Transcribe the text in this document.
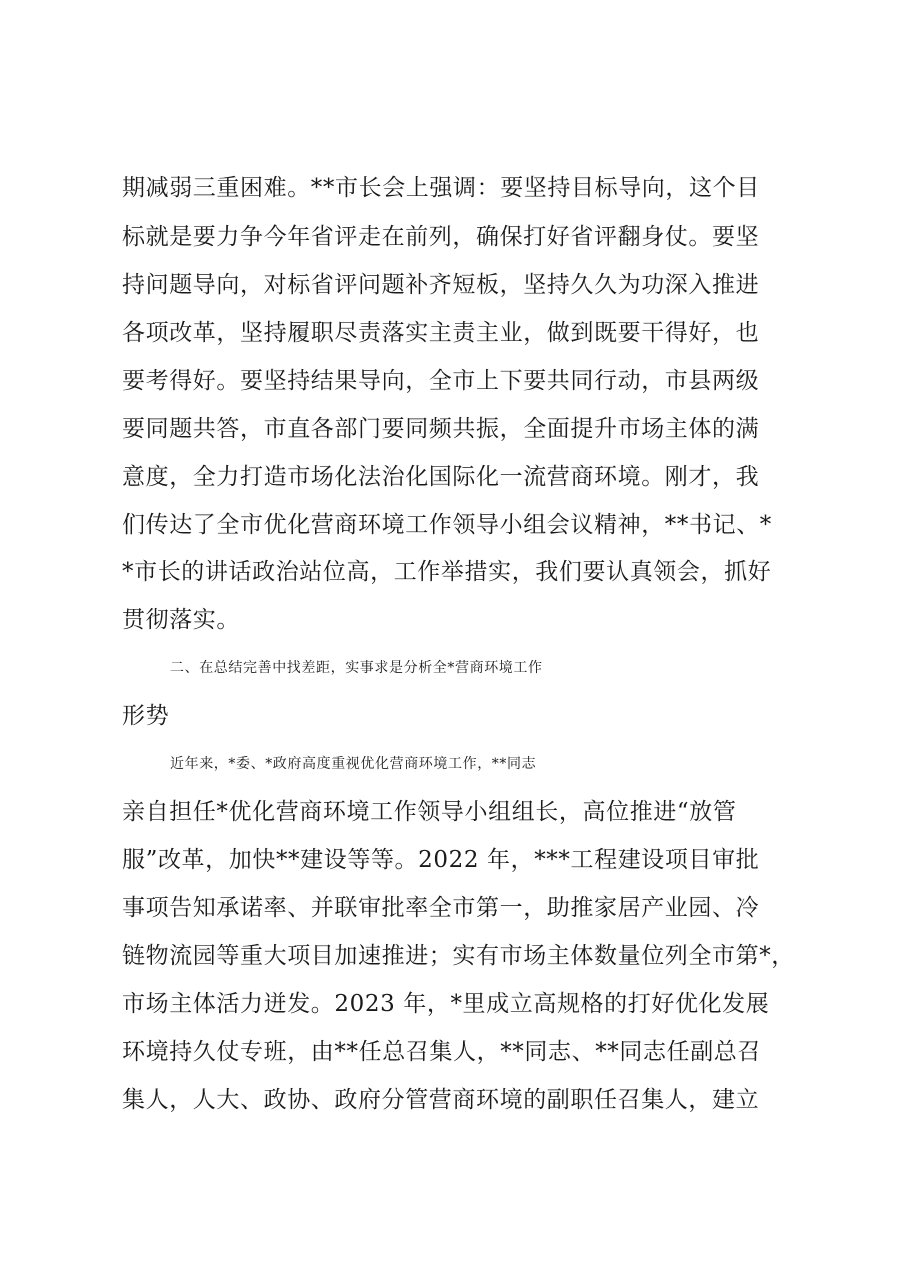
期减弱三重困难。**市长会上强调：要坚持目标导向，这个目
标就是要力争今年省评走在前列，确保打好省评翻身仗。要坚
持问题导向，对标省评问题补齐短板，坚持久久为功深入推进
各项改革，坚持履职尽责落实主责主业，做到既要干得好，也
要考得好。要坚持结果导向，全市上下要共同行动，市县两级
要同题共答，市直各部门要同频共振，全面提升市场主体的满
意度，全力打造市场化法治化国际化一流营商环境。刚才，我
们传达了全市优化营商环境工作领导小组会议精神，**书记、*
*市长的讲话政治站位高，工作举措实，我们要认真领会，抓好
贯彻落实。
二、在总结完善中找差距，实事求是分析全*营商环境工作
形势
近年来，*委、*政府高度重视优化营商环境工作，**同志
亲自担任*优化营商环境工作领导小组组长，高位推进“放管
服”改革，加快**建设等等。2022 年，***工程建设项目审批
事项告知承诺率、并联审批率全市第一，助推家居产业园、冷
链物流园等重大项目加速推进；实有市场主体数量位列全市第*，
市场主体活力迸发。2023 年，*里成立高规格的打好优化发展
环境持久仗专班，由**任总召集人，**同志、**同志任副总召
集人，人大、政协、政府分管营商环境的副职任召集人，建立
